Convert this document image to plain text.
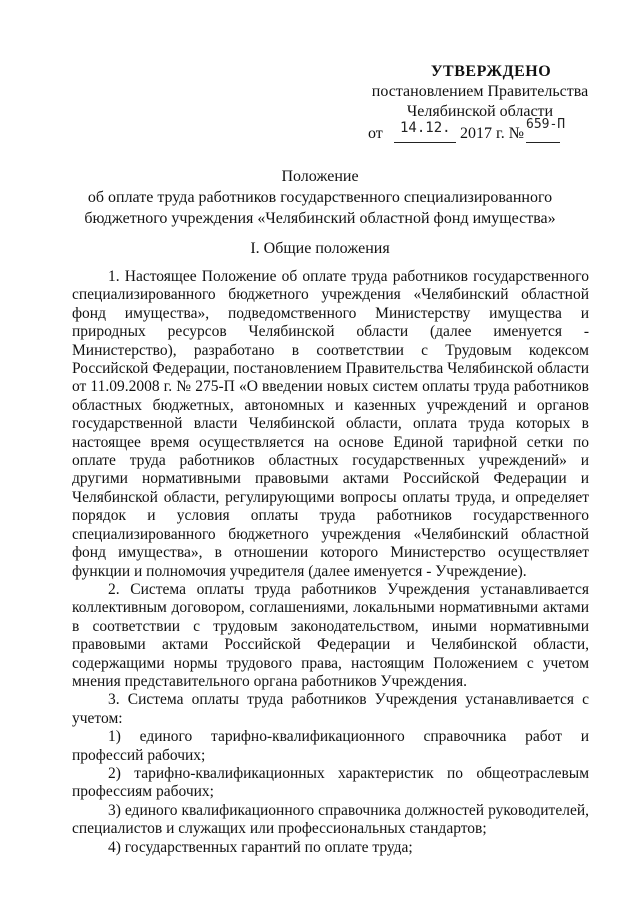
УТВЕРЖДЕНО
постановлением Правительства
Челябинской области
от 14.12. 2017 г. №
659-П
Положение
об оплате труда работников государственного специализированного
бюджетного учреждения «Челябинский областной фонд имущества»
I. Общие положения

1. Настоящее Положение об оплате труда работников государственного специализированного бюджетного учреждения «Челябинский областной фонд имущества», подведомственного Министерству имущества и природных ресурсов Челябинской области (далее именуется - Министерство), разработано в соответствии с Трудовым кодексом Российской Федерации, постановлением Правительства Челябинской области от 11.09.2008 г. № 275-П «О введении новых систем оплаты труда работников областных бюджетных, автономных и казенных учреждений и органов государственной власти Челябинской области, оплата труда которых в настоящее время осуществляется на основе Единой тарифной сетки по оплате труда работников областных государственных учреждений» и другими нормативными правовыми актами Российской Федерации и Челябинской области, регулирующими вопросы оплаты труда, и определяет порядок и условия оплаты труда работников государственного специализированного бюджетного учреждения «Челябинский областной фонд имущества», в отношении которого Министерство осуществляет функции и полномочия учредителя (далее именуется - Учреждение).

2. Система оплаты труда работников Учреждения устанавливается коллективным договором, соглашениями, локальными нормативными актами в соответствии с трудовым законодательством, иными нормативными правовыми актами Российской Федерации и Челябинской области, содержащими нормы трудового права, настоящим Положением с учетом мнения представительного органа работников Учреждения.

3. Система оплаты труда работников Учреждения устанавливается с учетом:

1) единого тарифно-квалификационного справочника работ и профессий рабочих;

2) тарифно-квалификационных характеристик по общеотраслевым профессиям рабочих;

3) единого квалификационного справочника должностей руководителей, специалистов и служащих или профессиональных стандартов;

4) государственных гарантий по оплате труда;
